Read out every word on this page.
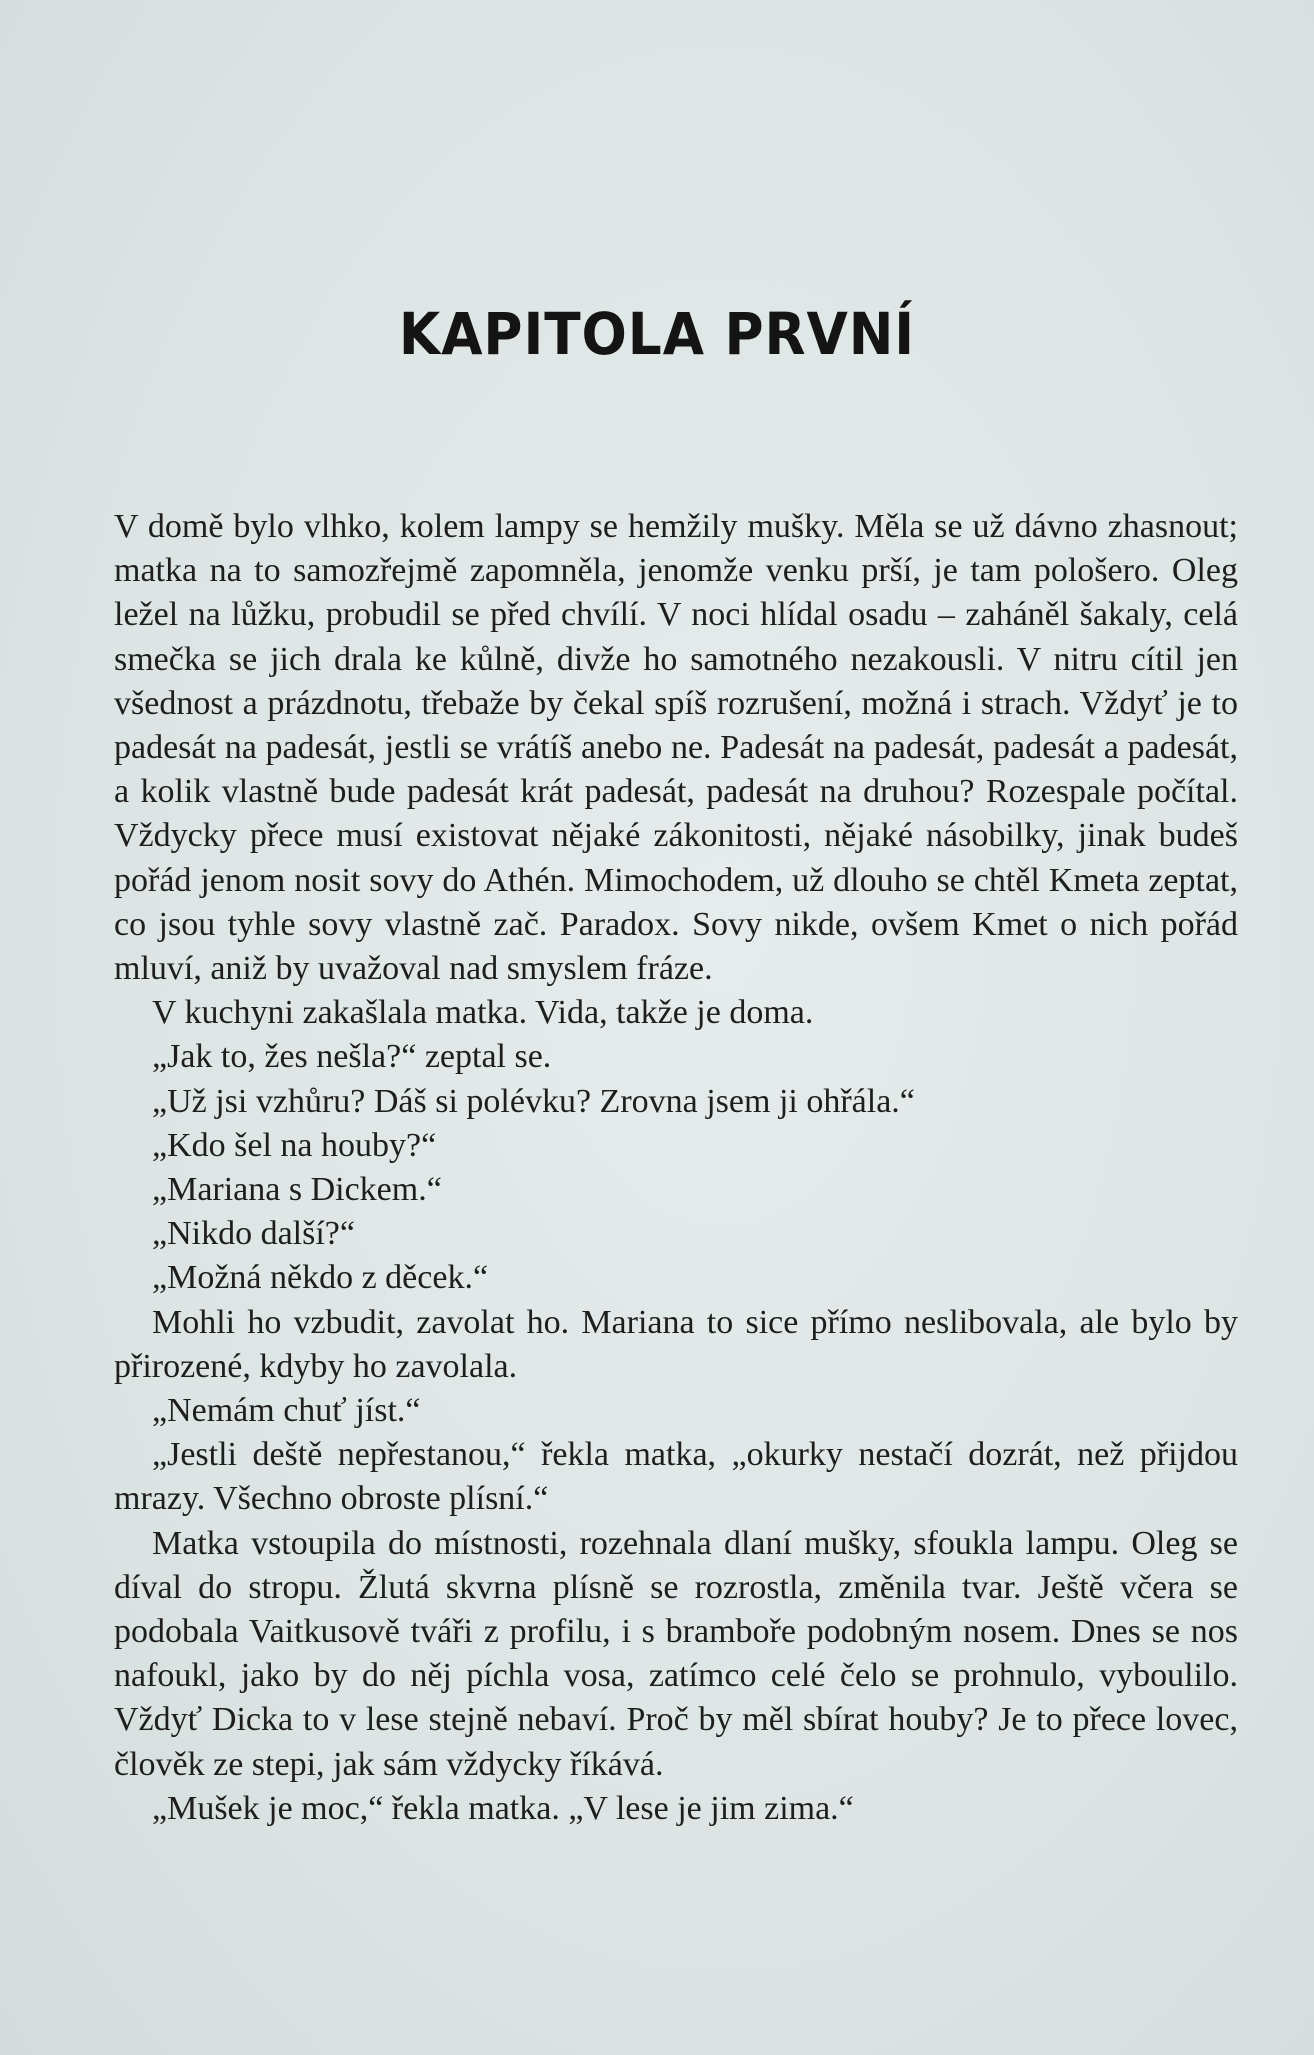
KAPITOLA PRVNÍ

V domě bylo vlhko, kolem lampy se hemžily mušky. Měla se už dávno zhasnout; matka na to samozřejmě zapomněla, jenomže venku prší, je tam pološero. Oleg ležel na lůžku, probudil se před chvílí. V noci hlídal osadu – zaháněl šakaly, celá smečka se jich drala ke kůlně, divže ho samotného nezakousli. V nitru cítil jen všednost a prázdnotu, třebaže by čekal spíš rozrušení, možná i strach. Vždyť je to padesát na padesát, jestli se vrátíš anebo ne. Padesát na padesát, padesát a padesát, a kolik vlastně bude padesát krát padesát, padesát na druhou? Rozespale počítal. Vždycky přece musí existovat nějaké zákonitosti, nějaké násobilky, jinak budeš pořád jenom nosit sovy do Athén. Mimochodem, už dlouho se chtěl Kmeta zeptat, co jsou tyhle sovy vlastně zač. Paradox. Sovy nikde, ovšem Kmet o nich pořád mluví, aniž by uvažoval nad smyslem fráze.

V kuchyni zakašlala matka. Vida, takže je doma.

„Jak to, žes nešla?“ zeptal se.

„Už jsi vzhůru? Dáš si polévku? Zrovna jsem ji ohřála.“

„Kdo šel na houby?“

„Mariana s Dickem.“

„Nikdo další?“

„Možná někdo z děcek.“

Mohli ho vzbudit, zavolat ho. Mariana to sice přímo neslibovala, ale bylo by přirozené, kdyby ho zavolala.

„Nemám chuť jíst.“

„Jestli deště nepřestanou,“ řekla matka, „okurky nestačí dozrát, než přijdou mrazy. Všechno obroste plísní.“

Matka vstoupila do místnosti, rozehnala dlaní mušky, sfoukla lampu. Oleg se díval do stropu. Žlutá skvrna plísně se rozrostla, změnila tvar. Ještě včera se podobala Vaitkusově tváři z profilu, i s bramboře podobným nosem. Dnes se nos nafoukl, jako by do něj píchla vosa, zatímco celé čelo se prohnulo, vyboulilo. Vždyť Dicka to v lese stejně nebaví. Proč by měl sbírat houby? Je to přece lovec, člověk ze stepi, jak sám vždycky říkává.

„Mušek je moc,“ řekla matka. „V lese je jim zima.“
